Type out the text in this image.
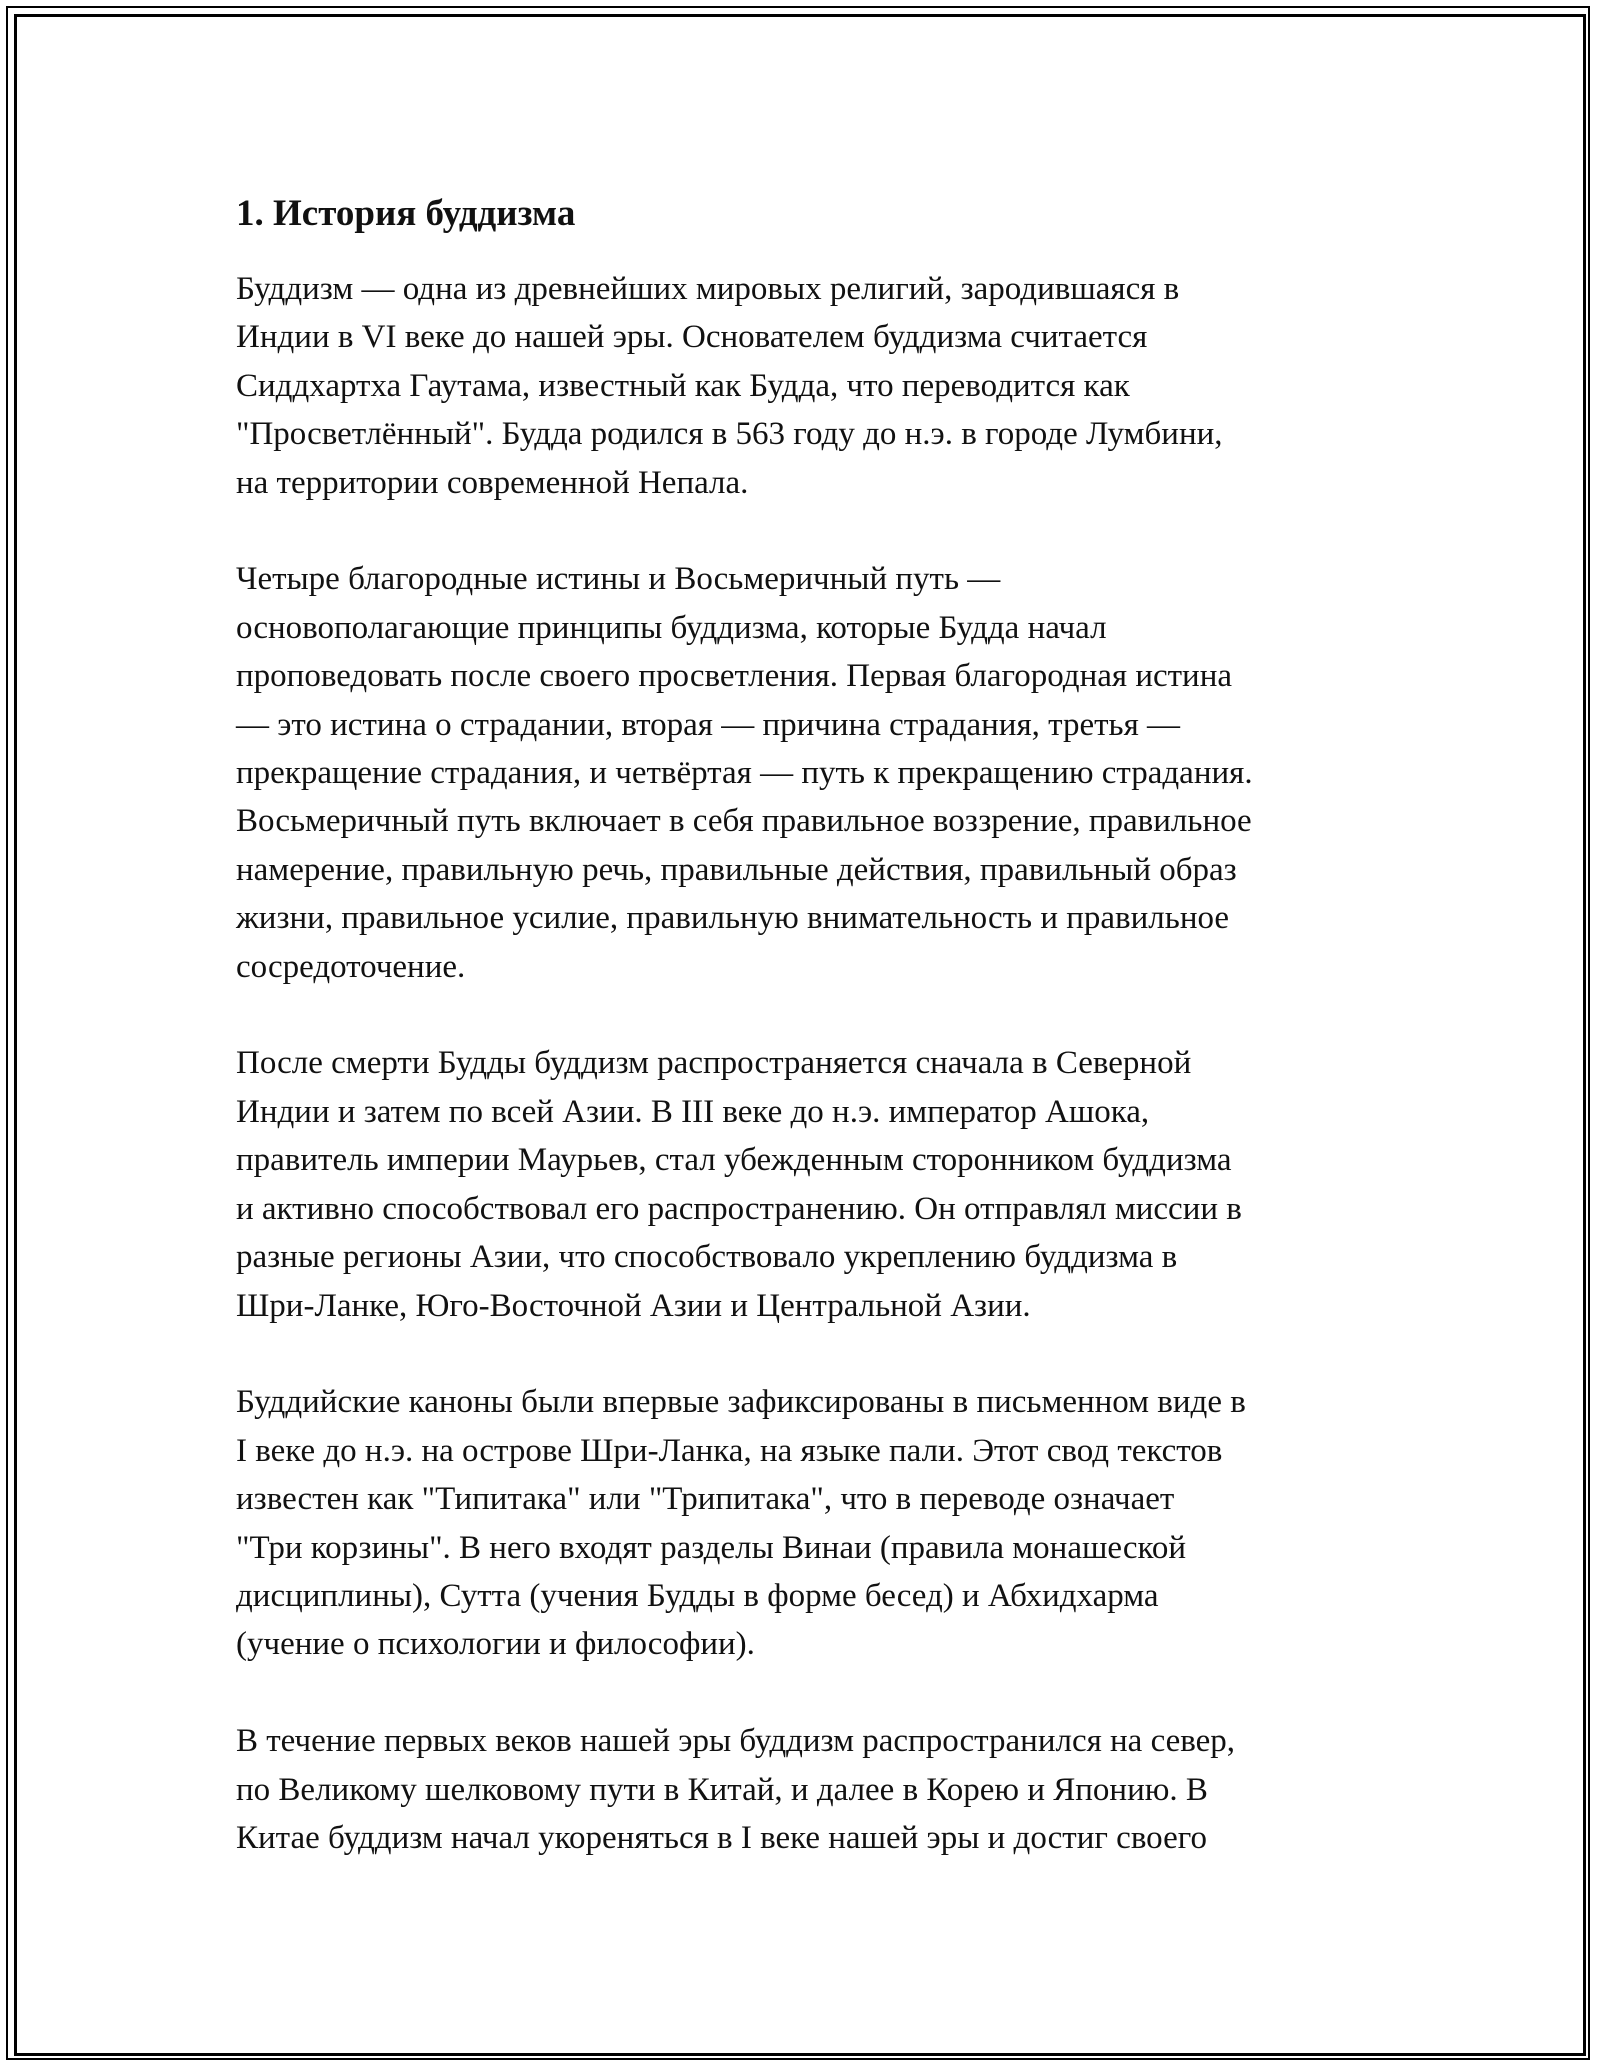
1. История буддизма

Буддизм — одна из древнейших мировых религий, зародившаяся в
Индии в VI веке до нашей эры. Основателем буддизма считается
Сиддхартха Гаутама, известный как Будда, что переводится как
"Просветлённый". Будда родился в 563 году до н.э. в городе Лумбини,
на территории современной Непала.

Четыре благородные истины и Восьмеричный путь —
основополагающие принципы буддизма, которые Будда начал
проповедовать после своего просветления. Первая благородная истина
— это истина о страдании, вторая — причина страдания, третья —
прекращение страдания, и четвёртая — путь к прекращению страдания.
Восьмеричный путь включает в себя правильное воззрение, правильное
намерение, правильную речь, правильные действия, правильный образ
жизни, правильное усилие, правильную внимательность и правильное
сосредоточение.

После смерти Будды буддизм распространяется сначала в Северной
Индии и затем по всей Азии. В III веке до н.э. император Ашока,
правитель империи Маурьев, стал убежденным сторонником буддизма
и активно способствовал его распространению. Он отправлял миссии в
разные регионы Азии, что способствовало укреплению буддизма в
Шри-Ланке, Юго-Восточной Азии и Центральной Азии.

Буддийские каноны были впервые зафиксированы в письменном виде в
I веке до н.э. на острове Шри-Ланка, на языке пали. Этот свод текстов
известен как "Типитака" или "Трипитака", что в переводе означает
"Три корзины". В него входят разделы Винаи (правила монашеской
дисциплины), Сутта (учения Будды в форме бесед) и Абхидхарма
(учение о психологии и философии).

В течение первых веков нашей эры буддизм распространился на север,
по Великому шелковому пути в Китай, и далее в Корею и Японию. В
Китае буддизм начал укореняться в I веке нашей эры и достиг своего
